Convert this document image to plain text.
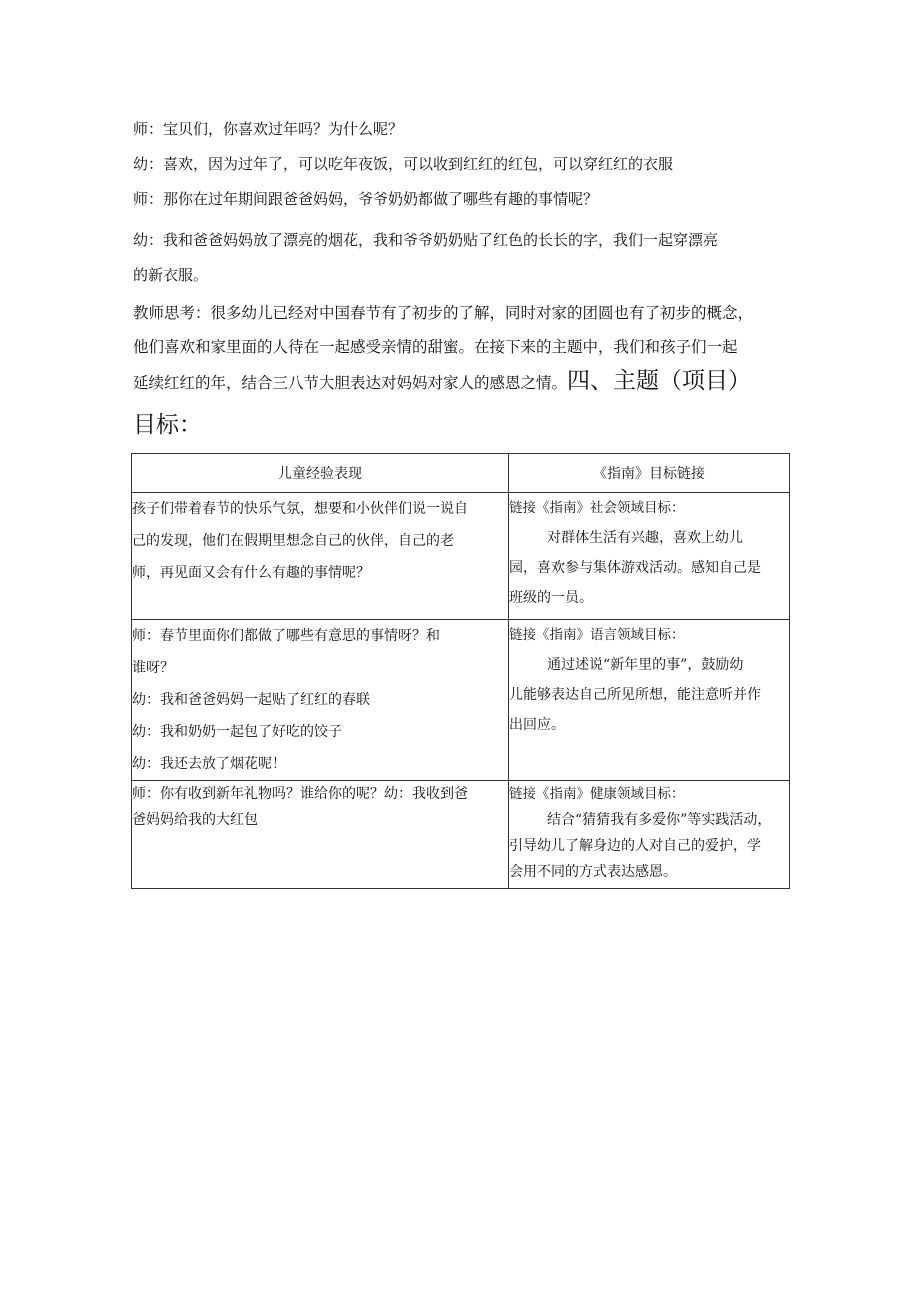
师：宝贝们，你喜欢过年吗？为什么呢？
幼：喜欢，因为过年了，可以吃年夜饭，可以收到红红的红包，可以穿红红的衣服
师：那你在过年期间跟爸爸妈妈，爷爷奶奶都做了哪些有趣的事情呢？
幼：我和爸爸妈妈放了漂亮的烟花，我和爷爷奶奶贴了红色的长长的字，我们一起穿漂亮
的新衣服。
教师思考：很多幼儿已经对中国春节有了初步的了解，同时对家的团圆也有了初步的概念，
他们喜欢和家里面的人待在一起感受亲情的甜蜜。在接下来的主题中，我们和孩子们一起
延续红红的年，结合三八节大胆表达对妈妈对家人的感恩之情。四、主题（项目）
目标：
儿童经验表现	《指南》目标链接

孩子们带着春节的快乐气氛，想要和小伙伴们说一说自
己的发现，他们在假期里想念自己的伙伴，自己的老
师，再见面又会有什么有趣的事情呢？	链接《指南》社会领域目标：
对群体生活有兴趣，喜欢上幼儿
园，喜欢参与集体游戏活动。感知自己是
班级的一员。

师：春节里面你们都做了哪些有意思的事情呀？和
谁呀？
幼：我和爸爸妈妈一起贴了红红的春联
幼：我和奶奶一起包了好吃的饺子
幼：我还去放了烟花呢！	链接《指南》语言领域目标：
通过述说“新年里的事”，鼓励幼
儿能够表达自己所见所想，能注意听并作
出回应。

师：你有收到新年礼物吗？谁给你的呢？幼：我收到爸
爸妈妈给我的大红包	链接《指南》健康领域目标：
结合“猜猜我有多爱你”等实践活动，
引导幼儿了解身边的人对自己的爱护，学
会用不同的方式表达感恩。
